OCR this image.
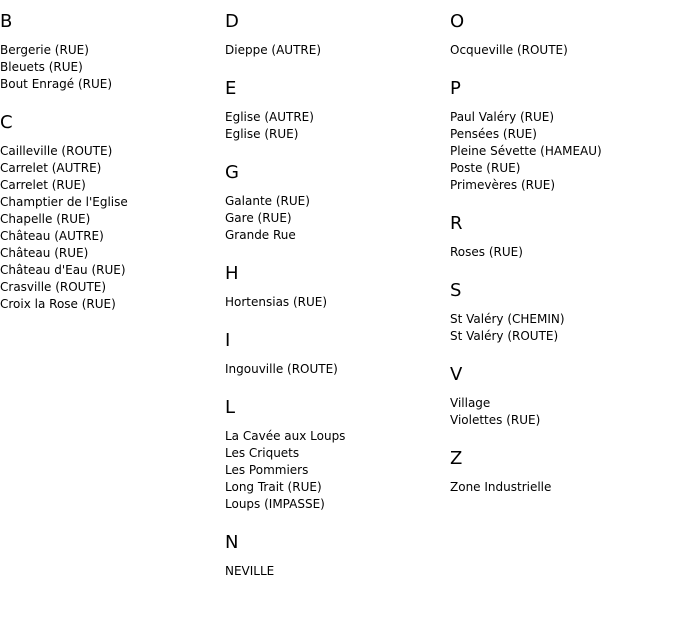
B
Bergerie (RUE)
Bleuets (RUE)
Bout Enragé (RUE)
C
Cailleville (ROUTE)
Carrelet (AUTRE)
Carrelet (RUE)
Champtier de l'Eglise
Chapelle (RUE)
Château (AUTRE)
Château (RUE)
Château d'Eau (RUE)
Crasville (ROUTE)
Croix la Rose (RUE)
D
Dieppe (AUTRE)
E
Eglise (AUTRE)
Eglise (RUE)
G
Galante (RUE)
Gare (RUE)
Grande Rue
H
Hortensias (RUE)
I
Ingouville (ROUTE)
L
La Cavée aux Loups
Les Criquets
Les Pommiers
Long Trait (RUE)
Loups (IMPASSE)
N
NEVILLE
O
Ocqueville (ROUTE)
P
Paul Valéry (RUE)
Pensées (RUE)
Pleine Sévette (HAMEAU)
Poste (RUE)
Primevères (RUE)
R
Roses (RUE)
S
St Valéry (CHEMIN)
St Valéry (ROUTE)
V
Village
Violettes (RUE)
Z
Zone Industrielle
